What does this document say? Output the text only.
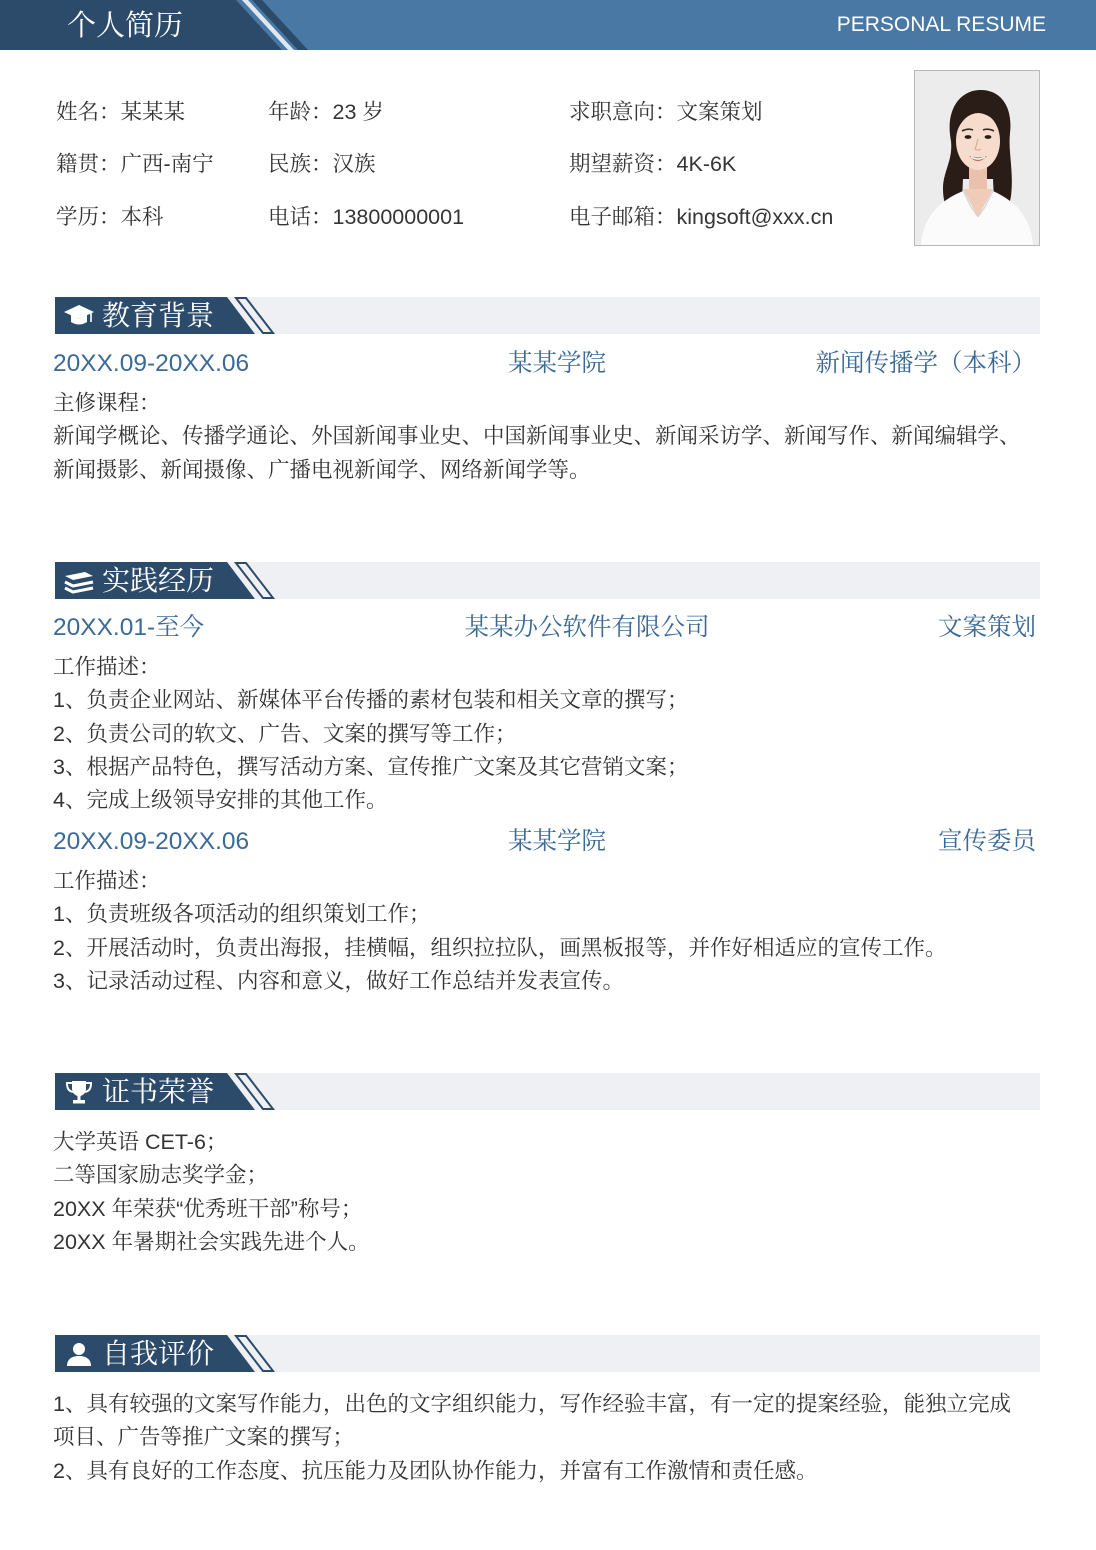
个人简历	PERSONAL RESUME
姓名：某某某	年龄：23 岁	求职意向：文案策划
籍贯：广西-南宁	民族：汉族	期望薪资：4K-6K
学历：本科	电话：13800000001	电子邮箱：kingsoft@xxx.cn
教育背景
20XX.09-20XX.06	某某学院	新闻传播学（本科）
主修课程：
新闻学概论、传播学通论、外国新闻事业史、中国新闻事业史、新闻采访学、新闻写作、新闻编辑学、
新闻摄影、新闻摄像、广播电视新闻学、网络新闻学等。
实践经历
20XX.01-至今	某某办公软件有限公司	文案策划
工作描述：
1、负责企业网站、新媒体平台传播的素材包装和相关文章的撰写；
2、负责公司的软文、广告、文案的撰写等工作；
3、根据产品特色，撰写活动方案、宣传推广文案及其它营销文案；
4、完成上级领导安排的其他工作。
20XX.09-20XX.06	某某学院	宣传委员
工作描述：
1、负责班级各项活动的组织策划工作；
2、开展活动时，负责出海报，挂横幅，组织拉拉队，画黑板报等，并作好相适应的宣传工作。
3、记录活动过程、内容和意义，做好工作总结并发表宣传。
证书荣誉
大学英语 CET-6；
二等国家励志奖学金；
20XX 年荣获“优秀班干部”称号；
20XX 年暑期社会实践先进个人。
自我评价
1、具有较强的文案写作能力，出色的文字组织能力，写作经验丰富，有一定的提案经验，能独立完成
项目、广告等推广文案的撰写；
2、具有良好的工作态度、抗压能力及团队协作能力，并富有工作激情和责任感。
